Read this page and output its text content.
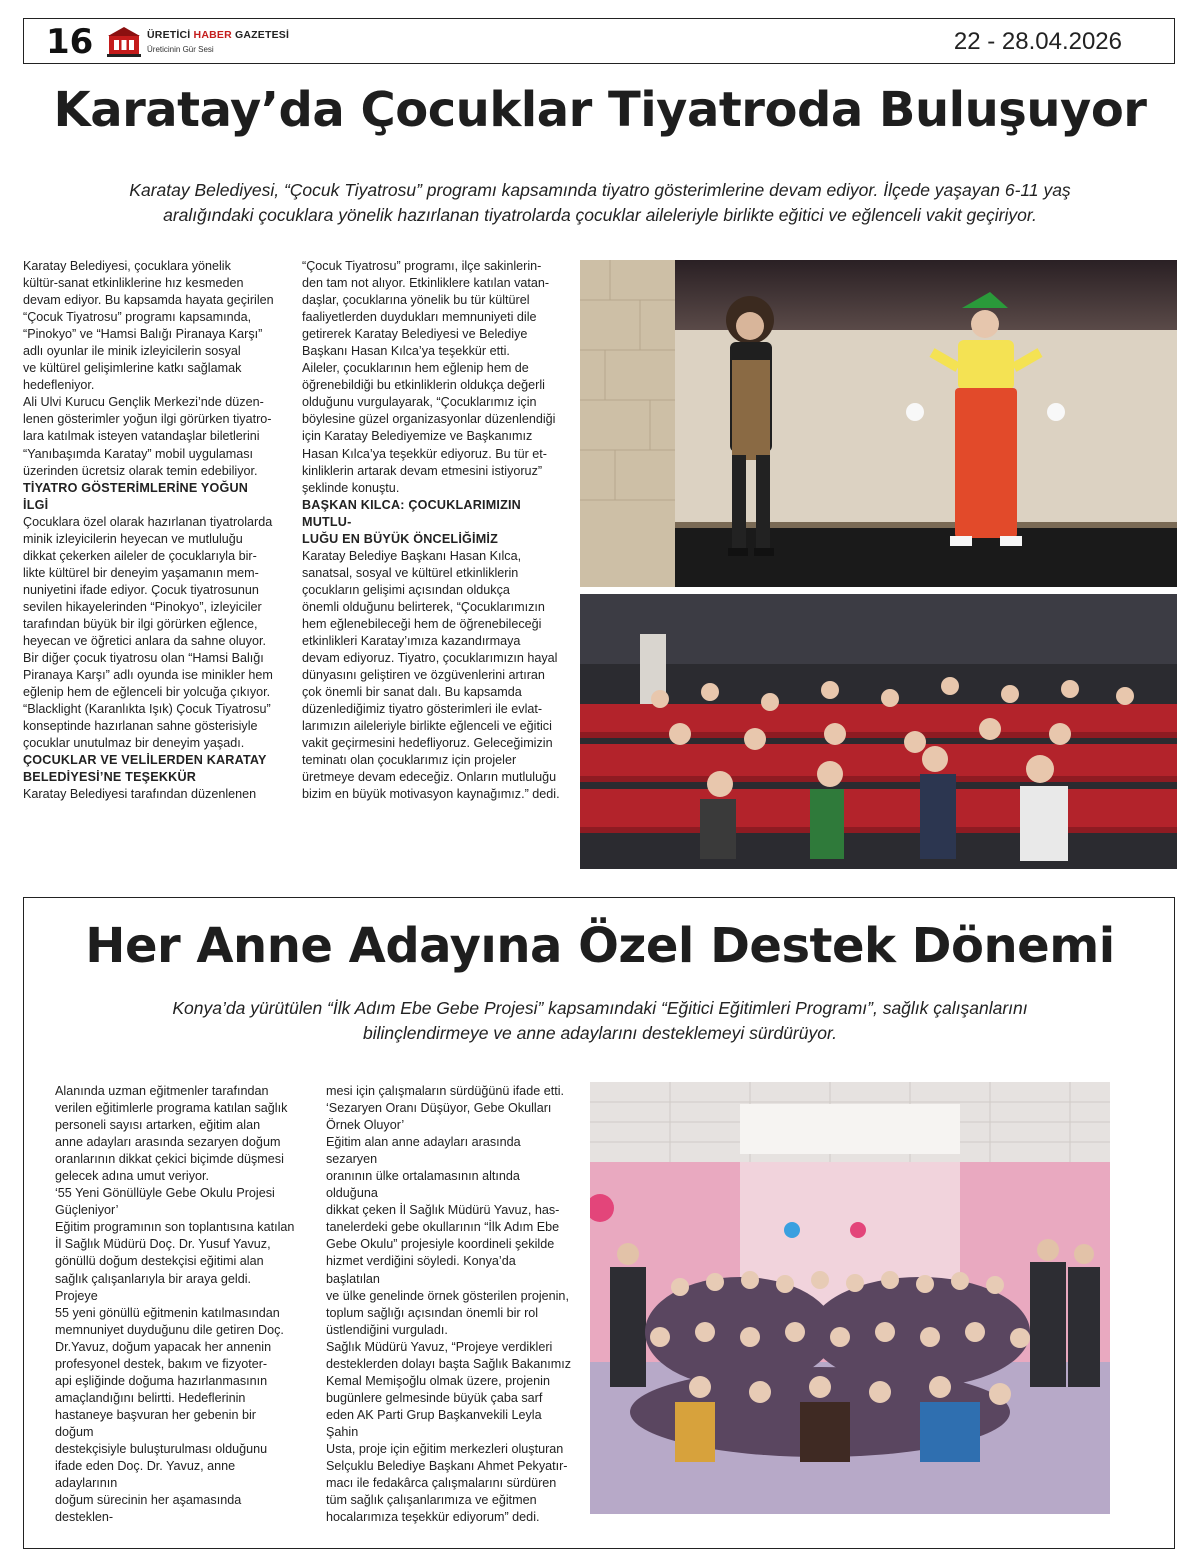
16	ÜRETİCİ HABER GAZETESİ
Üreticinin Gür Sesi	22 - 28.04.2026
Karatay’da Çocuklar Tiyatroda Buluşuyor
Karatay Belediyesi, “Çocuk Tiyatrosu” programı kapsamında tiyatro gösterimlerine devam ediyor. İlçede yaşayan 6-11 yaş
aralığındaki çocuklara yönelik hazırlanan tiyatrolarda çocuklar aileleriyle birlikte eğitici ve eğlenceli vakit geçiriyor.

Karatay Belediyesi, çocuklara yönelik

kültür-sanat etkinliklerine hız kesmeden

devam ediyor. Bu kapsamda hayata geçirilen

“Çocuk Tiyatrosu” programı kapsamında,

“Pinokyo” ve “Hamsi Balığı Piranaya Karşı”

adlı oyunlar ile minik izleyicilerin sosyal

ve kültürel gelişimlerine katkı sağlamak

hedefleniyor.

Ali Ulvi Kurucu Gençlik Merkezi’nde düzen-

lenen gösterimler yoğun ilgi görürken tiyatro-

lara katılmak isteyen vatandaşlar biletlerini

“Yanıbaşımda Karatay” mobil uygulaması

üzerinden ücretsiz olarak temin edebiliyor.

TİYATRO GÖSTERİMLERİNE YOĞUN İLGİ

Çocuklara özel olarak hazırlanan tiyatrolarda

minik izleyicilerin heyecan ve mutluluğu

dikkat çekerken aileler de çocuklarıyla bir-

likte kültürel bir deneyim yaşamanın mem-

nuniyetini ifade ediyor. Çocuk tiyatrosunun

sevilen hikayelerinden “Pinokyo”, izleyiciler

tarafından büyük bir ilgi görürken eğlence,

heyecan ve öğretici anlara da sahne oluyor.

Bir diğer çocuk tiyatrosu olan “Hamsi Balığı

Piranaya Karşı” adlı oyunda ise minikler hem

eğlenip hem de eğlenceli bir yolcuğa çıkıyor.

“Blacklight (Karanlıkta Işık) Çocuk Tiyatrosu”

konseptinde hazırlanan sahne gösterisiyle

çocuklar unutulmaz bir deneyim yaşadı.

ÇOCUKLAR VE VELİLERDEN KARATAY

BELEDİYESİ’NE TEŞEKKÜR

Karatay Belediyesi tarafından düzenlenen

“Çocuk Tiyatrosu” programı, ilçe sakinlerin-

den tam not alıyor. Etkinliklere katılan vatan-

daşlar, çocuklarına yönelik bu tür kültürel

faaliyetlerden duydukları memnuniyeti dile

getirerek Karatay Belediyesi ve Belediye

Başkanı Hasan Kılca’ya teşekkür etti.

Aileler, çocuklarının hem eğlenip hem de

öğrenebildiği bu etkinliklerin oldukça değerli

olduğunu vurgulayarak, “Çocuklarımız için

böylesine güzel organizasyonlar düzenlendiği

için Karatay Belediyemize ve Başkanımız

Hasan Kılca’ya teşekkür ediyoruz. Bu tür et-

kinliklerin artarak devam etmesini istiyoruz”

şeklinde konuştu.

BAŞKAN KILCA: ÇOCUKLARIMIZIN MUTLU-

LUĞU EN BÜYÜK ÖNCELİĞİMİZ

Karatay Belediye Başkanı Hasan Kılca,

sanatsal, sosyal ve kültürel etkinliklerin

çocukların gelişimi açısından oldukça

önemli olduğunu belirterek, “Çocuklarımızın

hem eğlenebileceği hem de öğrenebileceği

etkinlikleri Karatay’ımıza kazandırmaya

devam ediyoruz. Tiyatro, çocuklarımızın hayal

dünyasını geliştiren ve özgüvenlerini artıran

çok önemli bir sanat dalı. Bu kapsamda

düzenlediğimiz tiyatro gösterimleri ile evlat-

larımızın aileleriyle birlikte eğlenceli ve eğitici

vakit geçirmesini hedefliyoruz. Geleceğimizin

teminatı olan çocuklarımız için projeler

üretmeye devam edeceğiz. Onların mutluluğu

bizim en büyük motivasyon kaynağımız.” dedi.

Her Anne Adayına Özel Destek Dönemi
Konya’da yürütülen “İlk Adım Ebe Gebe Projesi” kapsamındaki “Eğitici Eğitimleri Programı”, sağlık çalışanlarını
bilinçlendirmeye ve anne adaylarını desteklemeyi sürdürüyor.

Alanında uzman eğitmenler tarafından

verilen eğitimlerle programa katılan sağlık

personeli sayısı artarken, eğitim alan

anne adayları arasında sezaryen doğum

oranlarının dikkat çekici biçimde düşmesi

gelecek adına umut veriyor.

‘55 Yeni Gönüllüyle Gebe Okulu Projesi

Güçleniyor’

Eğitim programının son toplantısına katılan

İl Sağlık Müdürü Doç. Dr. Yusuf Yavuz,

gönüllü doğum destekçisi eğitimi alan

sağlık çalışanlarıyla bir araya geldi. Projeye

55 yeni gönüllü eğitmenin katılmasından

memnuniyet duyduğunu dile getiren Doç.

Dr.Yavuz, doğum yapacak her annenin

profesyonel destek, bakım ve fizyoter-

api eşliğinde doğuma hazırlanmasının

amaçlandığını belirtti. Hedeflerinin

hastaneye başvuran her gebenin bir doğum

destekçisiyle buluşturulması olduğunu

ifade eden Doç. Dr. Yavuz, anne adaylarının

doğum sürecinin her aşamasında desteklen-

mesi için çalışmaların sürdüğünü ifade etti.

‘Sezaryen Oranı Düşüyor, Gebe Okulları

Örnek Oluyor’

Eğitim alan anne adayları arasında sezaryen

oranının ülke ortalamasının altında olduğuna

dikkat çeken İl Sağlık Müdürü Yavuz, has-

tanelerdeki gebe okullarının “İlk Adım Ebe

Gebe Okulu” projesiyle koordineli şekilde

hizmet verdiğini söyledi. Konya’da başlatılan

ve ülke genelinde örnek gösterilen projenin,

toplum sağlığı açısından önemli bir rol

üstlendiğini vurguladı.

Sağlık Müdürü Yavuz, “Projeye verdikleri

desteklerden dolayı başta Sağlık Bakanımız

Kemal Memişoğlu olmak üzere, projenin

bugünlere gelmesinde büyük çaba sarf

eden AK Parti Grup Başkanvekili Leyla Şahin

Usta, proje için eğitim merkezleri oluşturan

Selçuklu Belediye Başkanı Ahmet Pekyatır-

macı ile fedakârca çalışmalarını sürdüren

tüm sağlık çalışanlarımıza ve eğitmen

hocalarımıza teşekkür ediyorum” dedi.
